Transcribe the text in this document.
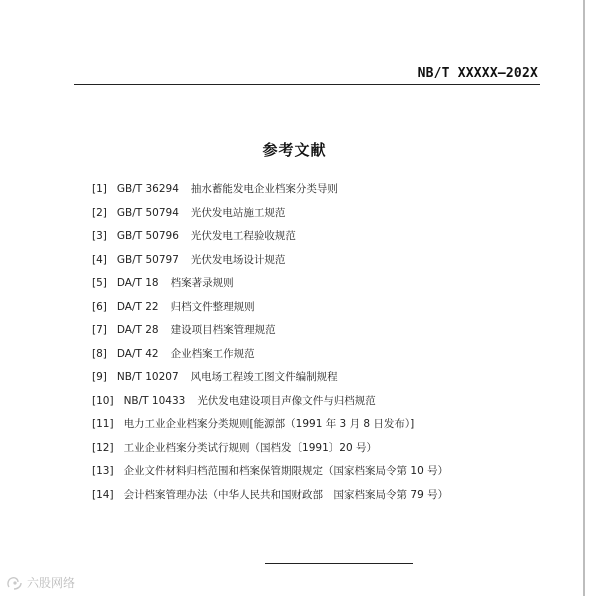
NB/T XXXXX—202X
参考文献
[1] GB/T 36294 抽水蓄能发电企业档案分类导则
[2] GB/T 50794 光伏发电站施工规范
[3] GB/T 50796 光伏发电工程验收规范
[4] GB/T 50797 光伏发电场设计规范
[5] DA/T 18 档案著录规则
[6] DA/T 22 归档文件整理规则
[7] DA/T 28 建设项目档案管理规范
[8] DA/T 42 企业档案工作规范
[9] NB/T 10207 风电场工程竣工图文件编制规程
[10] NB/T 10433 光伏发电建设项目声像文件与归档规范
[11] 电力工业企业档案分类规则[能源部（1991 年 3 月 8 日发布）]
[12] 工业企业档案分类试行规则（国档发〔1991〕20 号）
[13] 企业文件材料归档范围和档案保管期限规定（国家档案局令第 10 号）
[14] 会计档案管理办法（中华人民共和国财政部　国家档案局令第 79 号）
六股网络
